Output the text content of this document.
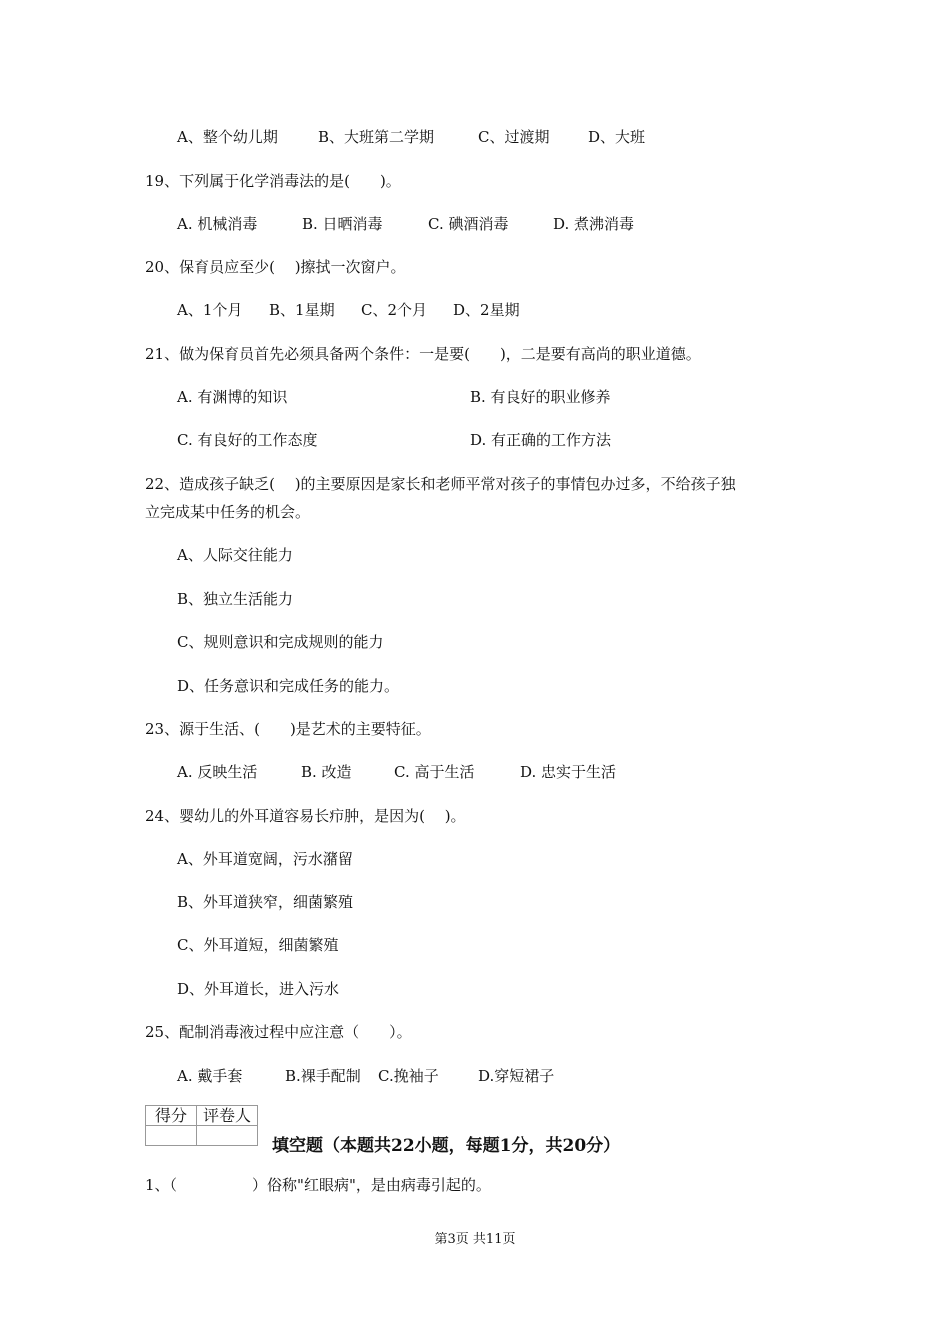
A、整个幼儿期	B、大班第二学期	C、过渡期	D、大班
19、下列属于化学消毒法的是(　　)。
A. 机械消毒	B. 日晒消毒	C. 碘酒消毒	D. 煮沸消毒
20、保育员应至少(　 )擦拭一次窗户。
A、1个月 B、1星期 C、2个月 D、2星期
21、做为保育员首先必须具备两个条件：一是要(　　)，二是要有高尚的职业道德。
A. 有渊博的知识	B. 有良好的职业修养
C. 有良好的工作态度	D. 有正确的工作方法
22、造成孩子缺乏(　 )的主要原因是家长和老师平常对孩子的事情包办过多，不给孩子独
立完成某中任务的机会。
A、人际交往能力
B、独立生活能力
C、规则意识和完成规则的能力
D、任务意识和完成任务的能力。
23、源于生活、(　　)是艺术的主要特征。
A. 反映生活	B. 改造	C. 高于生活	D. 忠实于生活
24、婴幼儿的外耳道容易长疖肿，是因为(　 )。
A、外耳道宽阔，污水潴留
B、外耳道狭窄，细菌繁殖
C、外耳道短，细菌繁殖
D、外耳道长，进入污水
25、配制消毒液过程中应注意（　　）。
A. 戴手套	B.裸手配制 C.挽袖子	D.穿短裙子
得分	评卷人

填空题（本题共22小题，每题1分，共20分）
1、（　　　　　）俗称"红眼病"，是由病毒引起的。
第3页 共11页
